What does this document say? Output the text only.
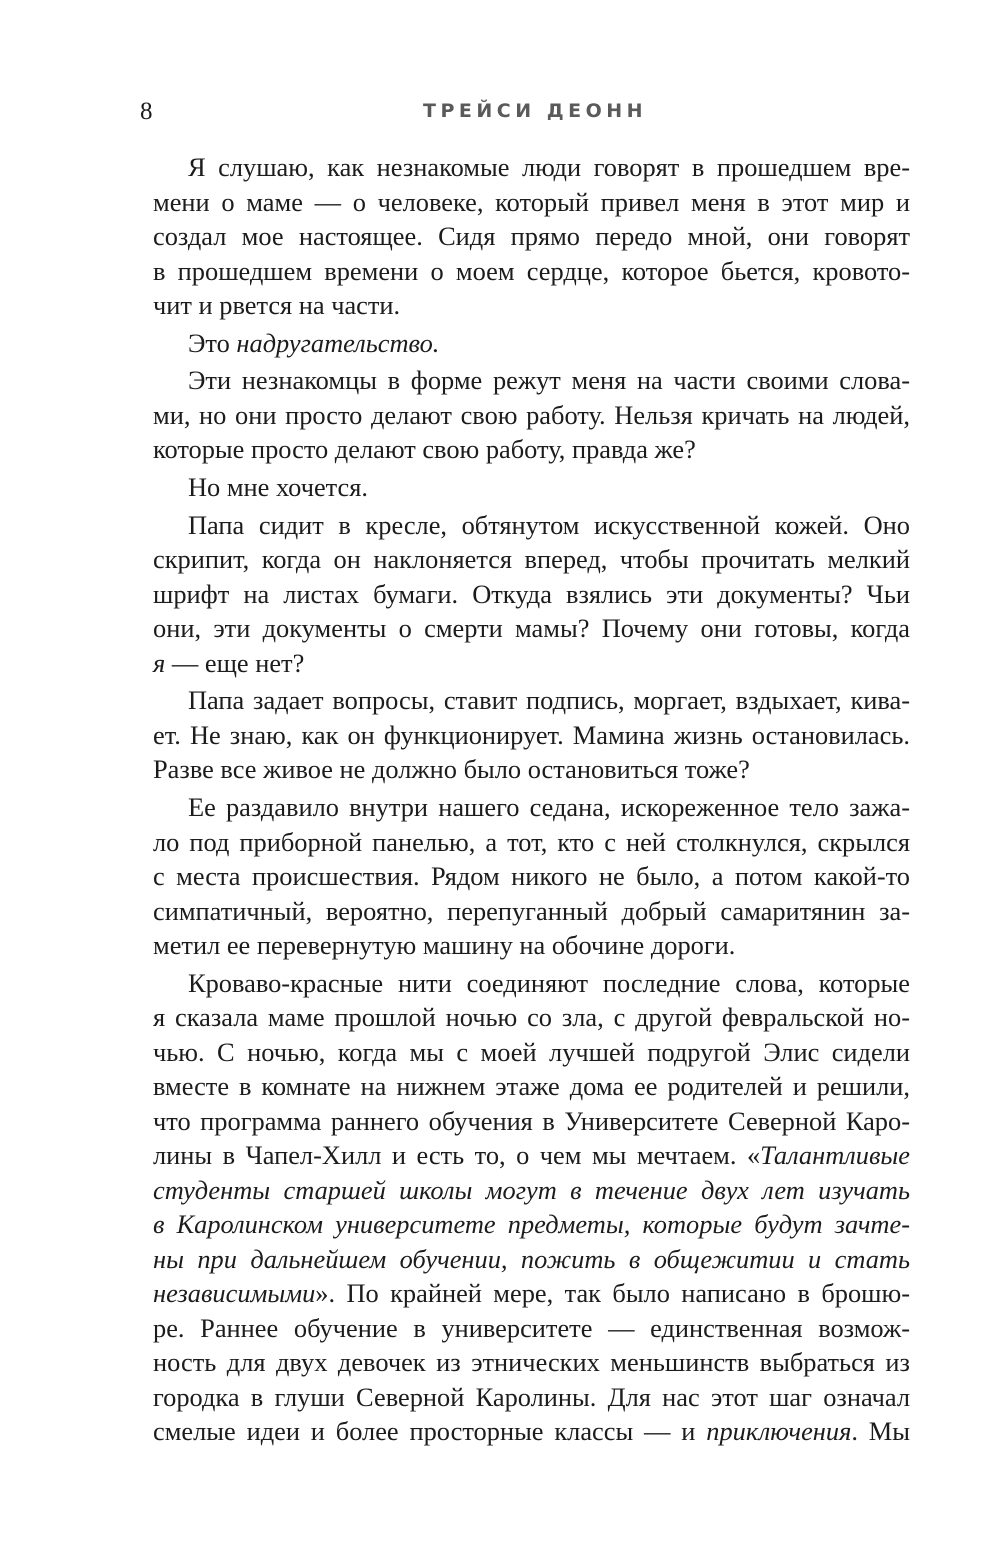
8	ТРЕЙСИ ДЕОНН
Я слушаю, как незнакомые люди говорят в прошедшем вре-
мени о маме — о человеке, который привел меня в этот мир и
создал мое настоящее. Сидя прямо передо мной, они говорят
в прошедшем времени о моем сердце, которое бьется, кровото-
чит и рвется на части.
Это надругательство.
Эти незнакомцы в форме режут меня на части своими слова-
ми, но они просто делают свою работу. Нельзя кричать на людей,
которые просто делают свою работу, правда же?
Но мне хочется.
Папа сидит в кресле, обтянутом искусственной кожей. Оно
скрипит, когда он наклоняется вперед, чтобы прочитать мелкий
шрифт на листах бумаги. Откуда взялись эти документы? Чьи
они, эти документы о смерти мамы? Почему они готовы, когда
я — еще нет?
Папа задает вопросы, ставит подпись, моргает, вздыхает, кива-
ет. Не знаю, как он функционирует. Мамина жизнь остановилась.
Разве все живое не должно было остановиться тоже?
Ее раздавило внутри нашего седана, искореженное тело зажа-
ло под приборной панелью, а тот, кто с ней столкнулся, скрылся
с места происшествия. Рядом никого не было, а потом какой-то
симпатичный, вероятно, перепуганный добрый самаритянин за-
метил ее перевернутую машину на обочине дороги.
Кроваво-красные нити соединяют последние слова, которые
я сказала маме прошлой ночью со зла, с другой февральской но-
чью. С ночью, когда мы с моей лучшей подругой Элис сидели
вместе в комнате на нижнем этаже дома ее родителей и решили,
что программа раннего обучения в Университете Северной Каро-
лины в Чапел-Хилл и есть то, о чем мы мечтаем. «Талантливые
студенты старшей школы могут в течение двух лет изучать
в Каролинском университете предметы, которые будут зачте-
ны при дальнейшем обучении, пожить в общежитии и стать
независимыми». По крайней мере, так было написано в брошю-
ре. Раннее обучение в университете — единственная возмож-
ность для двух девочек из этнических меньшинств выбраться из
городка в глуши Северной Каролины. Для нас этот шаг означал
смелые идеи и более просторные классы — и приключения. Мы
